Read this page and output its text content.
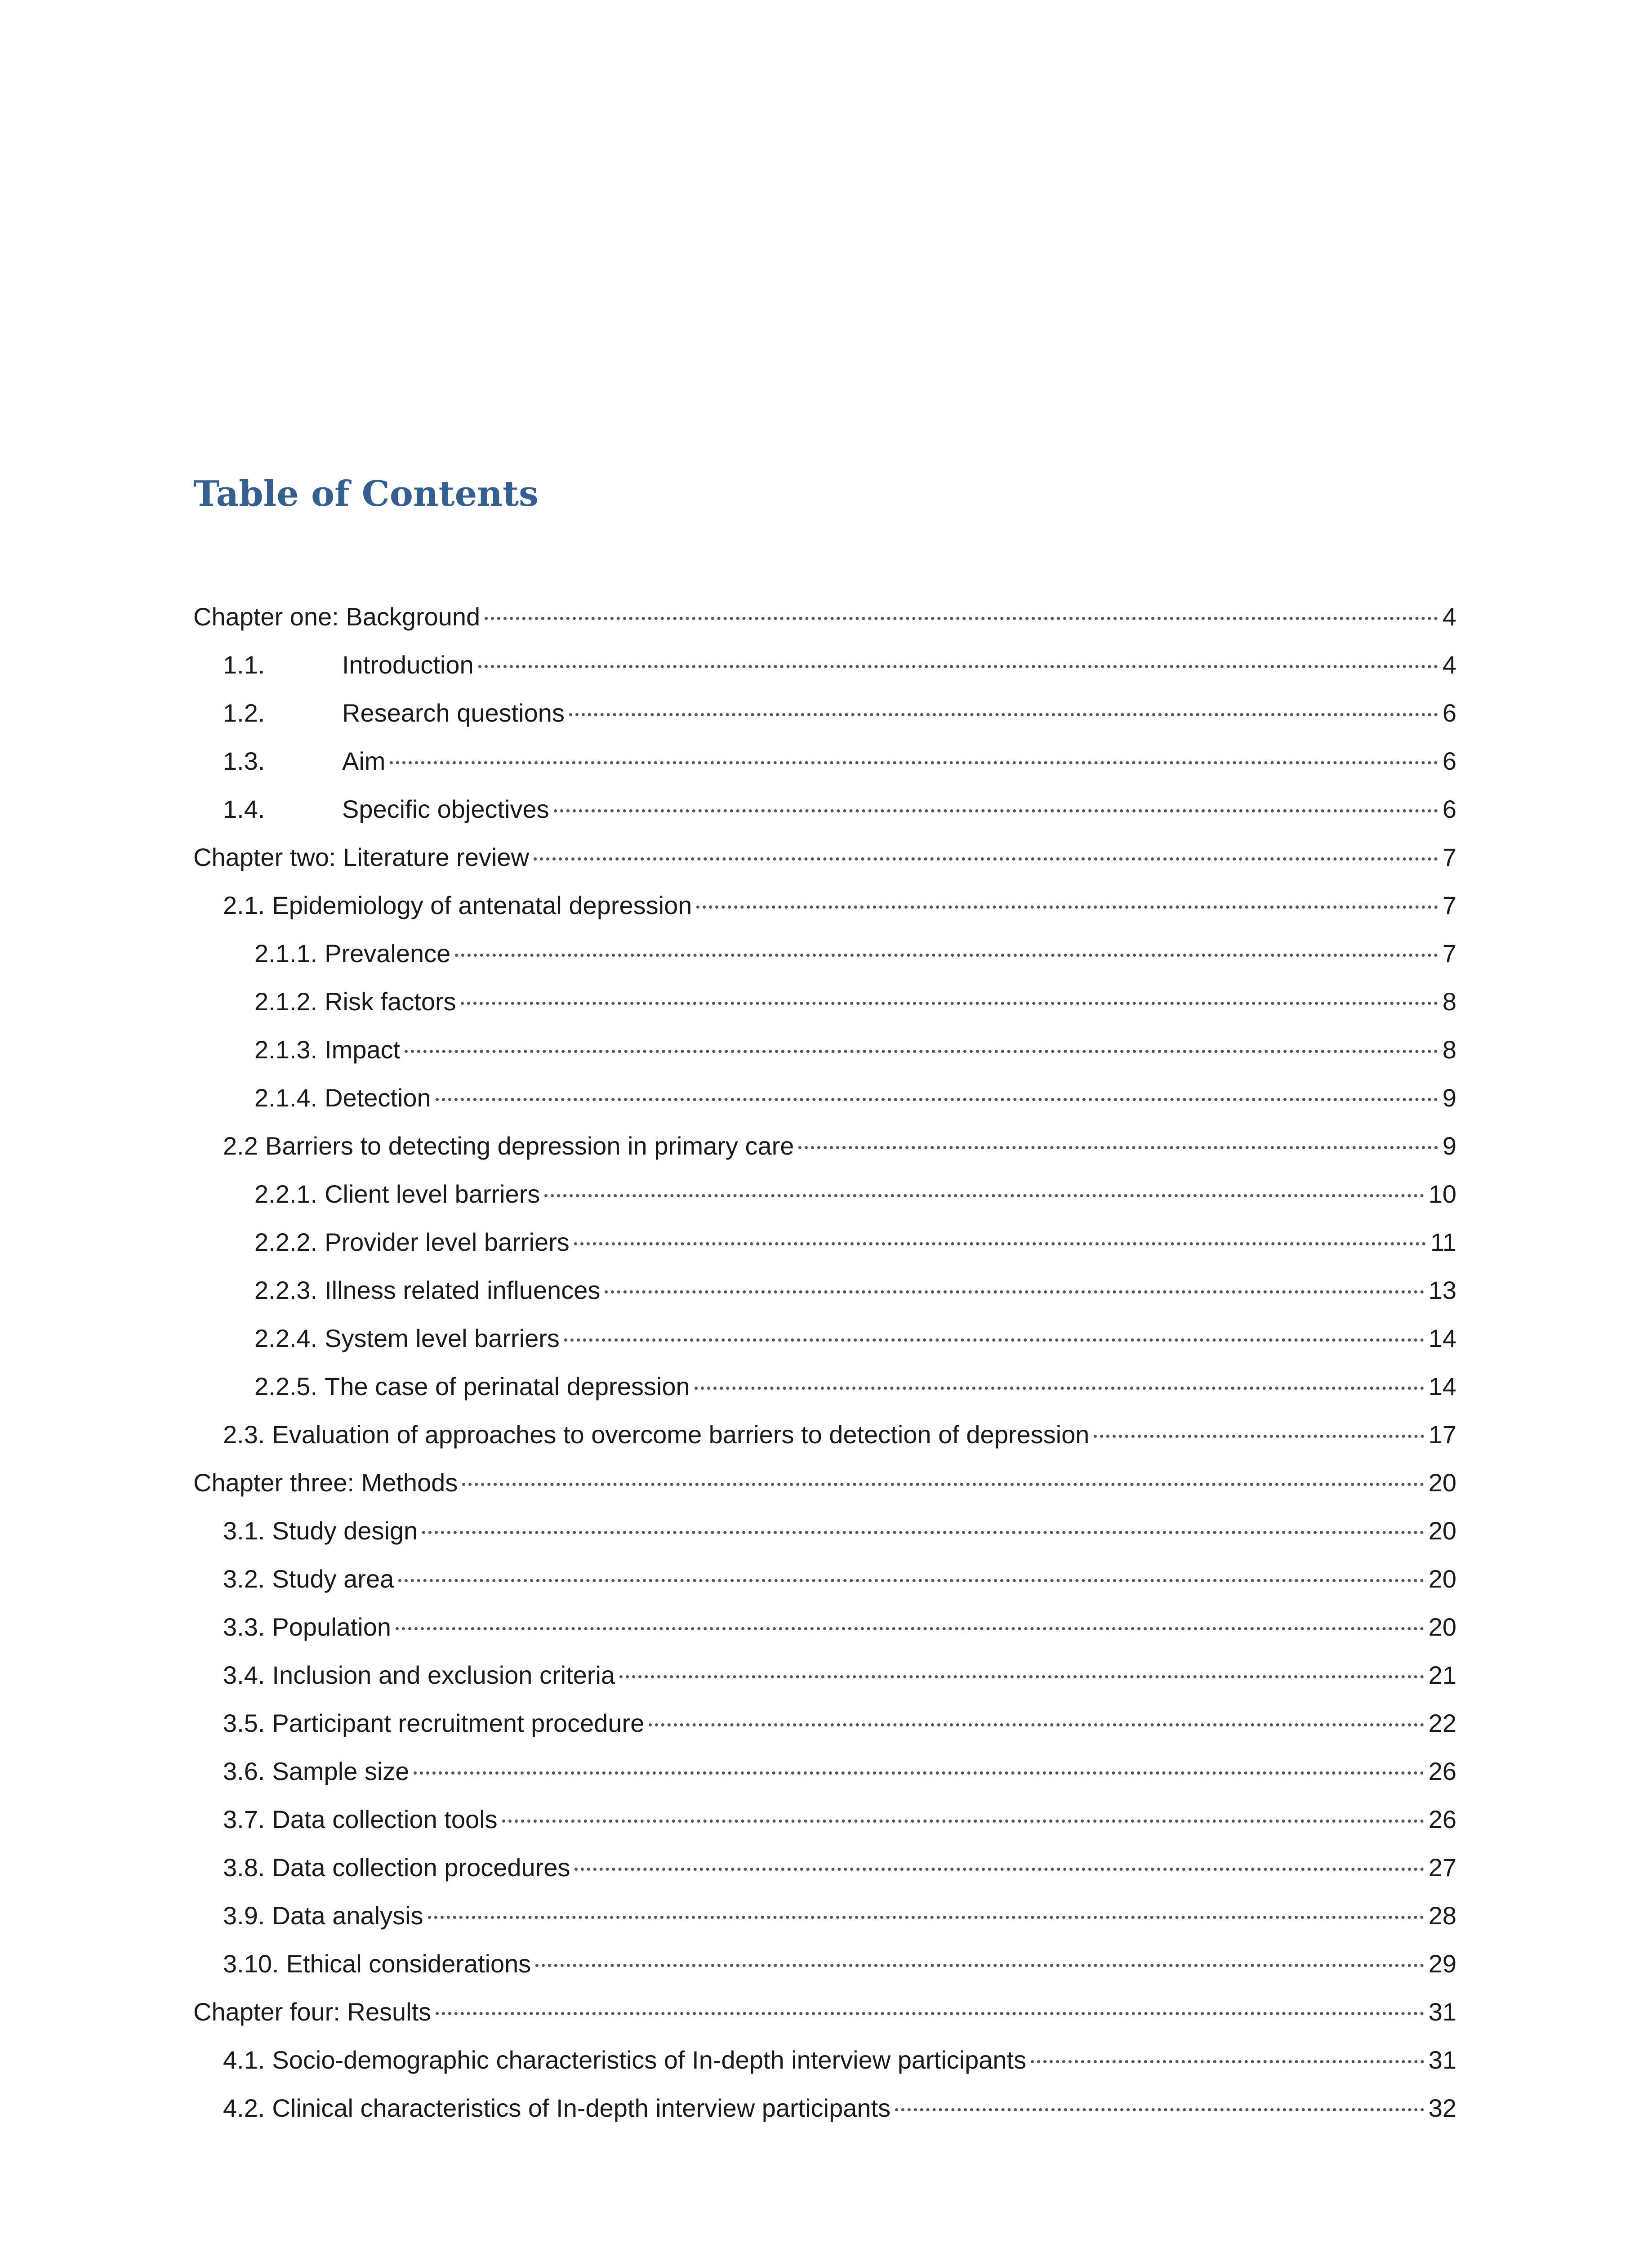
Table of Contents
Chapter one: Background	4
1.1.	Introduction	4
1.2.	Research questions	6
1.3.	Aim	6
1.4.	Specific objectives	6
Chapter two: Literature review	7
2.1. Epidemiology of antenatal depression	7
2.1.1. Prevalence	7
2.1.2. Risk factors	8
2.1.3. Impact	8
2.1.4. Detection	9
2.2 Barriers to detecting depression in primary care	9
2.2.1. Client level barriers	10
2.2.2. Provider level barriers	11
2.2.3. Illness related influences	13
2.2.4. System level barriers	14
2.2.5. The case of perinatal depression	14
2.3. Evaluation of approaches to overcome barriers to detection of depression	17
Chapter three: Methods	20
3.1. Study design	20
3.2. Study area	20
3.3. Population	20
3.4. Inclusion and exclusion criteria	21
3.5. Participant recruitment procedure	22
3.6. Sample size	26
3.7. Data collection tools	26
3.8. Data collection procedures	27
3.9. Data analysis	28
3.10. Ethical considerations	29
Chapter four: Results	31
4.1. Socio-demographic characteristics of In-depth interview participants	31
4.2. Clinical characteristics of In-depth interview participants	32
